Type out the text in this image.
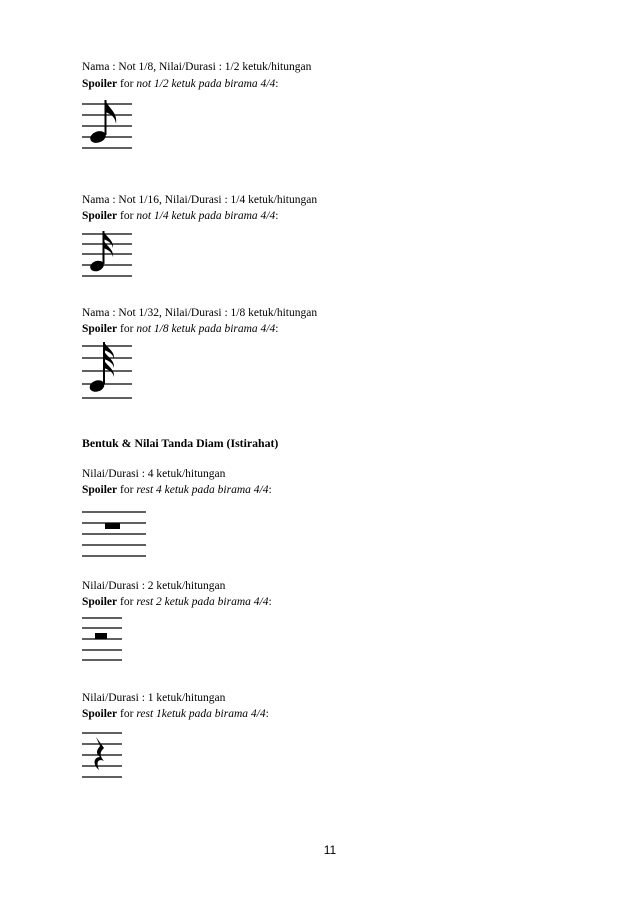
Nama : Not 1/8, Nilai/Durasi : 1/2 ketuk/hitungan
Spoiler for not 1/2 ketuk pada birama 4/4:
Nama : Not 1/16, Nilai/Durasi : 1/4 ketuk/hitungan
Spoiler for not 1/4 ketuk pada birama 4/4:
Nama : Not 1/32, Nilai/Durasi : 1/8 ketuk/hitungan
Spoiler for not 1/8 ketuk pada birama 4/4:
Bentuk & Nilai Tanda Diam (Istirahat)
Nilai/Durasi : 4 ketuk/hitungan
Spoiler for rest 4 ketuk pada birama 4/4:
Nilai/Durasi : 2 ketuk/hitungan
Spoiler for rest 2 ketuk pada birama 4/4:
Nilai/Durasi : 1 ketuk/hitungan
Spoiler for rest 1ketuk pada birama 4/4:
11
